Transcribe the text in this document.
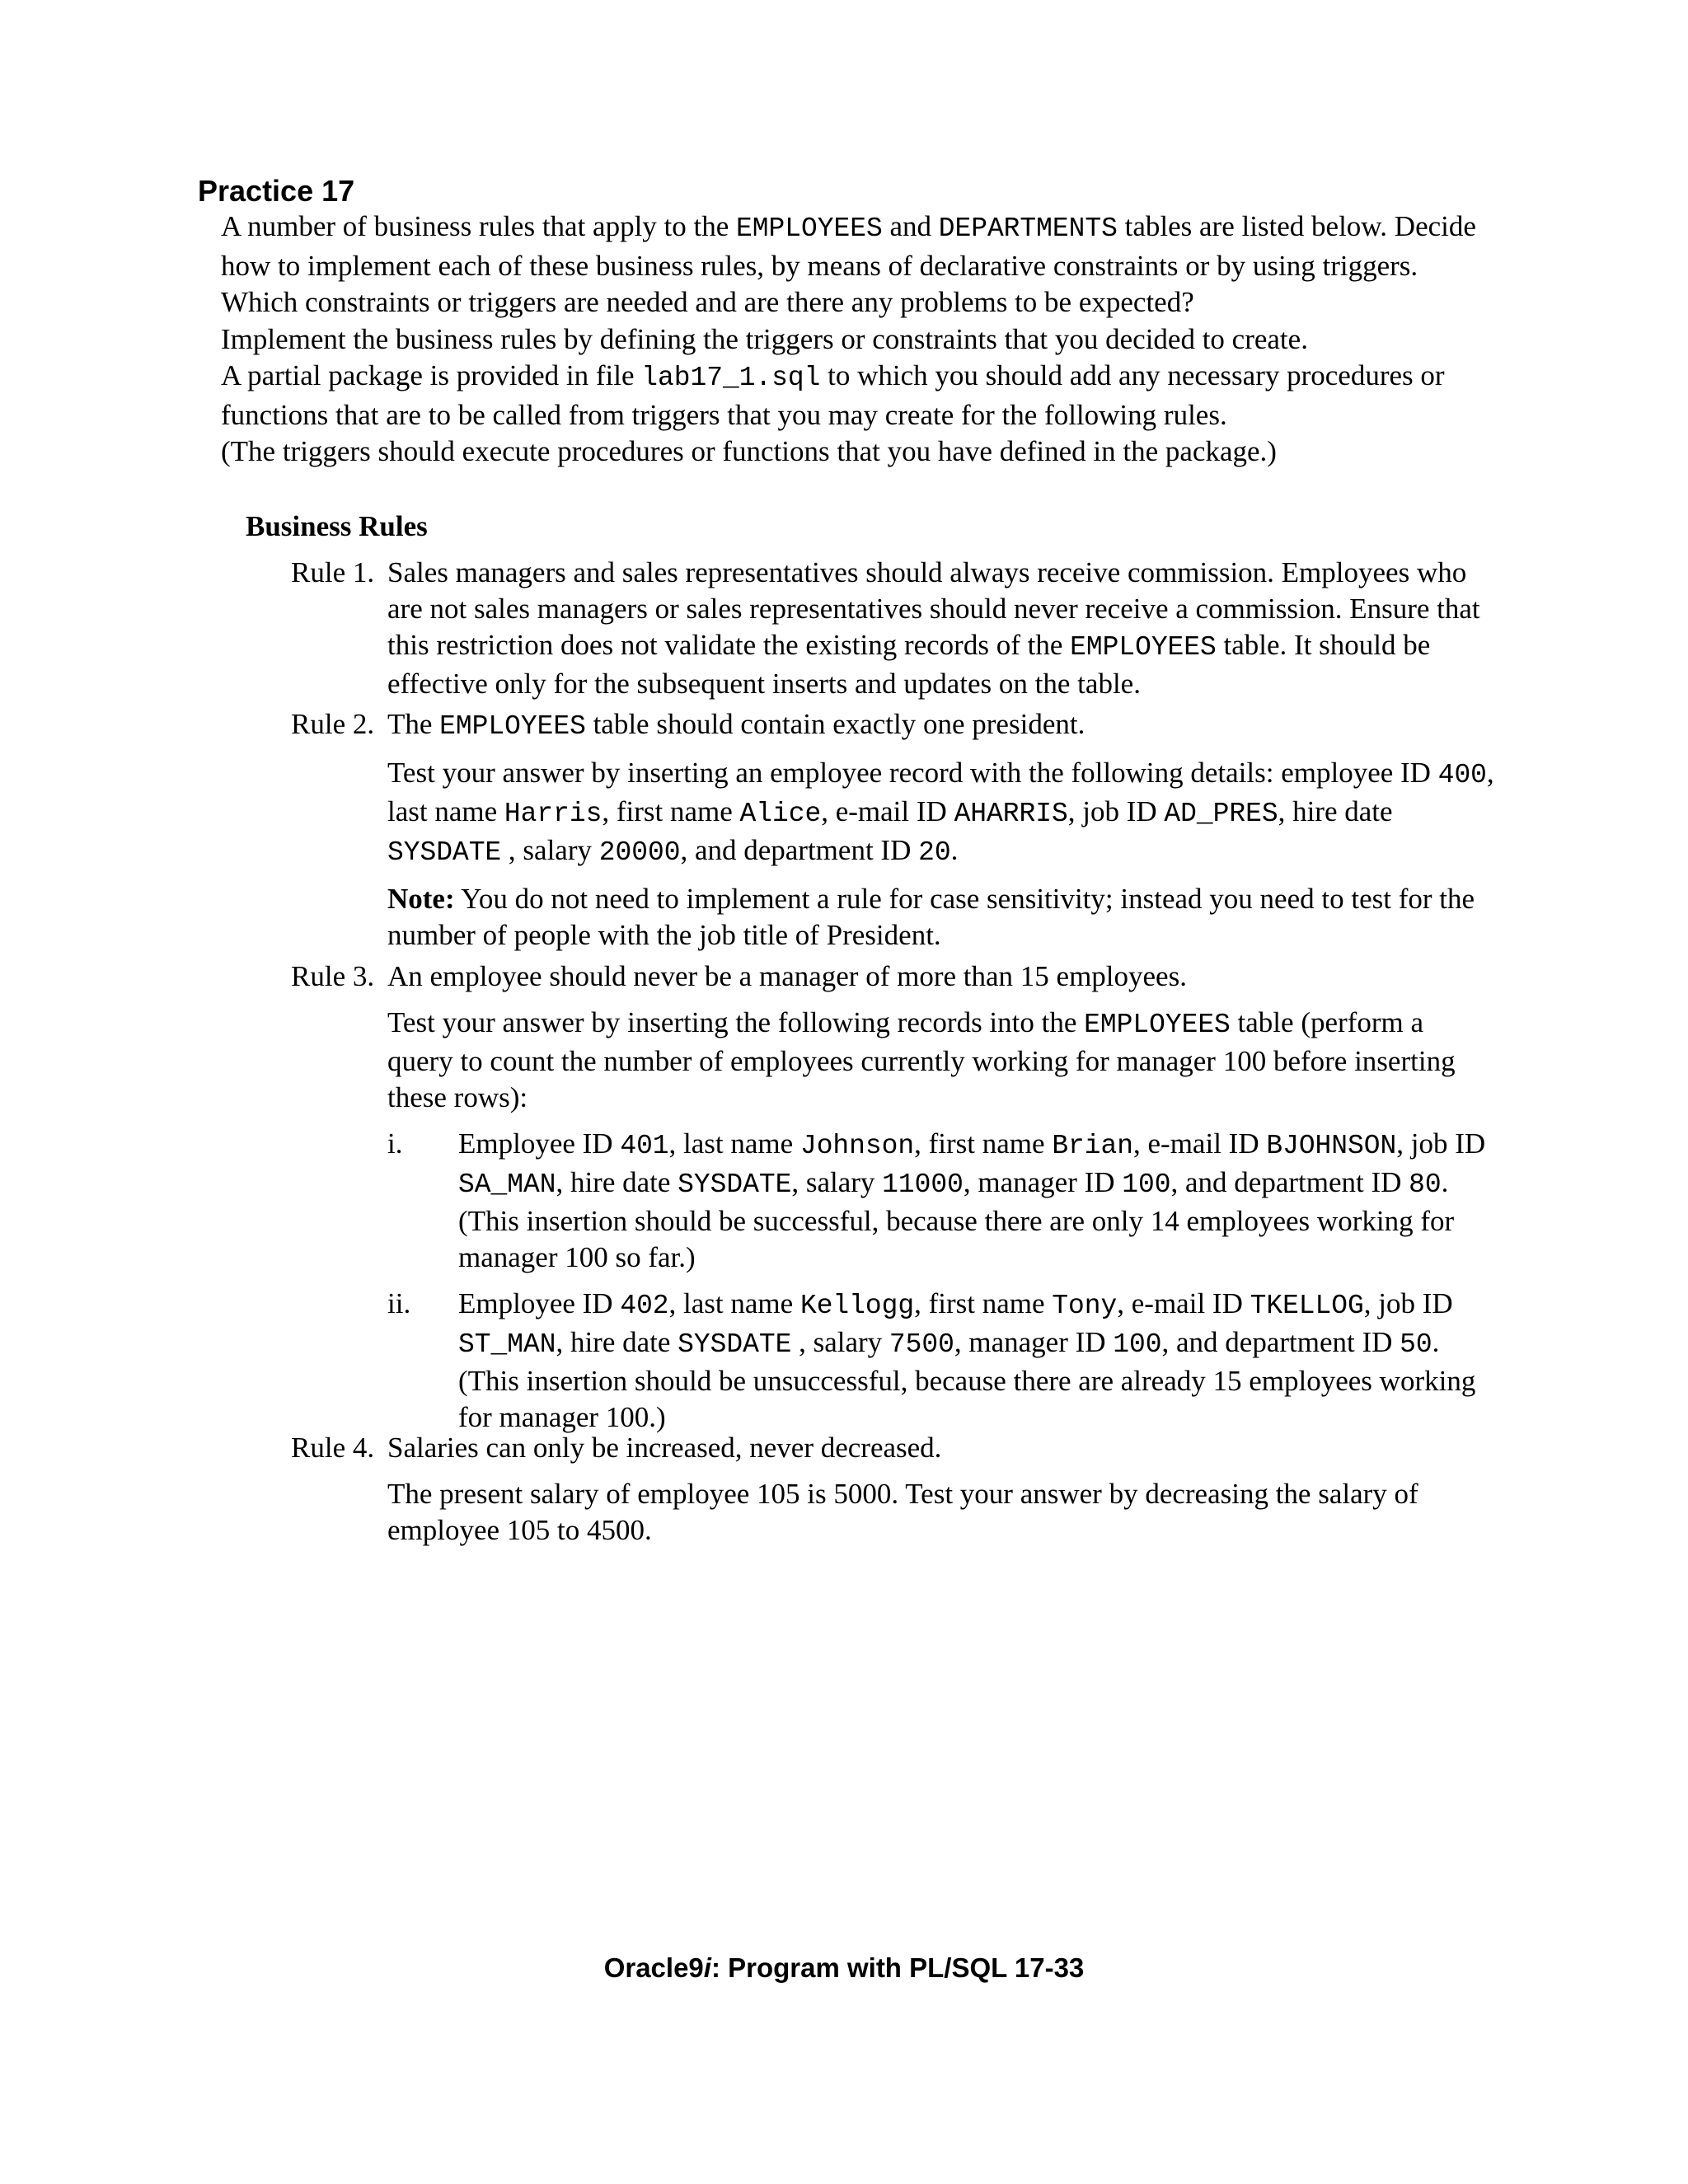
Practice 17

A number of business rules that apply to the EMPLOYEES and DEPARTMENTS tables are listed below. Decide how to implement each of these business rules, by means of declarative constraints or by using triggers.

Which constraints or triggers are needed and are there any problems to be expected?

Implement the business rules by defining the triggers or constraints that you decided to create.

A partial package is provided in file lab17_1.sql to which you should add any necessary procedures or functions that are to be called from triggers that you may create for the following rules.

(The triggers should execute procedures or functions that you have defined in the package.)

Business Rules
Rule 1. Sales managers and sales representatives should always receive commission. Employees who are not sales managers or sales representatives should never receive a commission. Ensure that this restriction does not validate the existing records of the EMPLOYEES table. It should be effective only for the subsequent inserts and updates on the table.

Rule 2. The EMPLOYEES table should contain exactly one president.

Test your answer by inserting an employee record with the following details: employee ID 400, last name Harris, first name Alice, e-mail ID AHARRIS, job ID AD_PRES, hire date SYSDATE , salary 20000, and department ID 20.

Note: You do not need to implement a rule for case sensitivity; instead you need to test for the number of people with the job title of President.

Rule 3. An employee should never be a manager of more than 15 employees.

Test your answer by inserting the following records into the EMPLOYEES table (perform a query to count the number of employees currently working for manager 100 before inserting these rows):

i. Employee ID 401, last name Johnson, first name Brian, e-mail ID BJOHNSON, job ID SA_MAN, hire date SYSDATE, salary 11000, manager ID 100, and department ID 80. (This insertion should be successful, because there are only 14 employees working for manager 100 so far.)
ii. Employee ID 402, last name Kellogg, first name Tony, e-mail ID TKELLOG, job ID ST_MAN, hire date SYSDATE , salary 7500, manager ID 100, and department ID 50. (This insertion should be unsuccessful, because there are already 15 employees working for manager 100.)
Rule 4. Salaries can only be increased, never decreased.

The present salary of employee 105 is 5000. Test your answer by decreasing the salary of employee 105 to 4500.

Oracle9i: Program with PL/SQL 17-33
